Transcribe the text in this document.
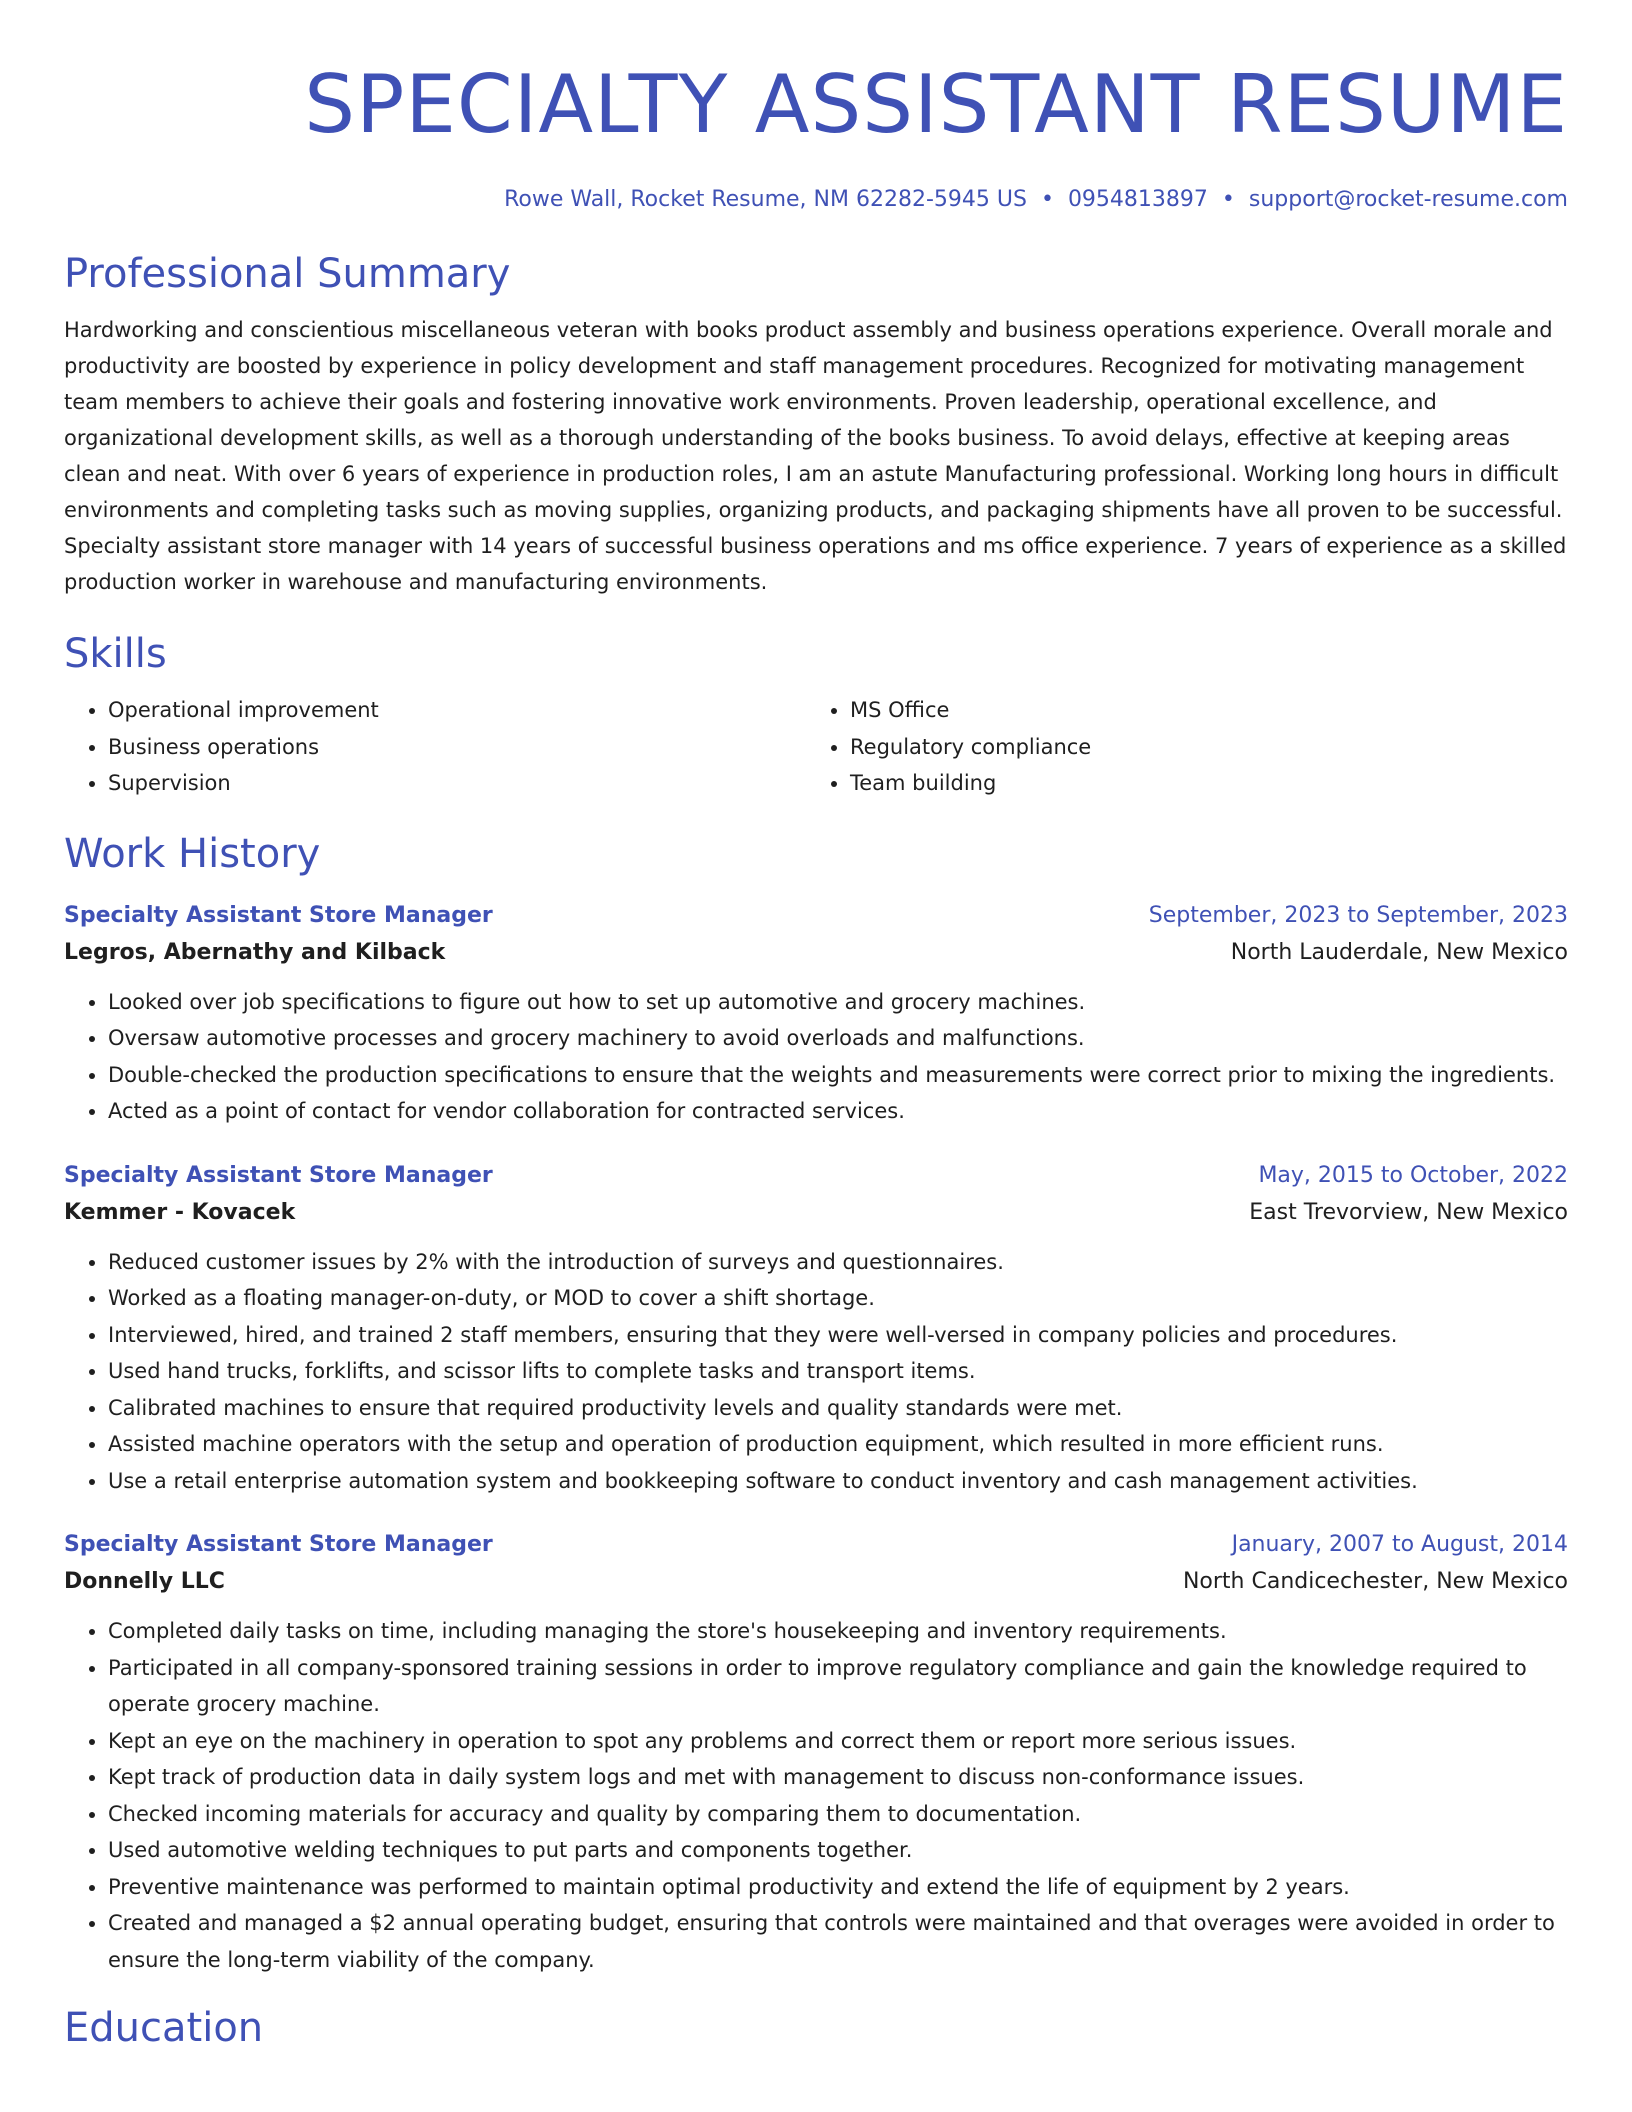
SPECIALTY ASSISTANT RESUME
Rowe Wall, Rocket Resume, NM 62282-5945 US • 0954813897 • support@rocket-resume.com
Professional Summary

Hardworking and conscientious miscellaneous veteran with books product assembly and business operations experience. Overall morale and productivity are boosted by experience in policy development and staff management procedures. Recognized for motivating management team members to achieve their goals and fostering innovative work environments. Proven leadership, operational excellence, and organizational development skills, as well as a thorough understanding of the books business. To avoid delays, effective at keeping areas clean and neat. With over 6 years of experience in production roles, I am an astute Manufacturing professional. Working long hours in difficult environments and completing tasks such as moving supplies, organizing products, and packaging shipments have all proven to be successful. Specialty assistant store manager with 14 years of successful business operations and ms office experience. 7 years of experience as a skilled production worker in warehouse and manufacturing environments.

Skills
• Operational improvement
• Business operations
• Supervision
• MS Office
• Regulatory compliance
• Team building
Work History
Specialty Assistant Store Manager	September, 2023 to September, 2023
Legros, Abernathy and Kilback	North Lauderdale, New Mexico
• Looked over job specifications to figure out how to set up automotive and grocery machines.
• Oversaw automotive processes and grocery machinery to avoid overloads and malfunctions.
• Double-checked the production specifications to ensure that the weights and measurements were correct prior to mixing the ingredients.
• Acted as a point of contact for vendor collaboration for contracted services.
Specialty Assistant Store Manager	May, 2015 to October, 2022
Kemmer - Kovacek	East Trevorview, New Mexico
• Reduced customer issues by 2% with the introduction of surveys and questionnaires.
• Worked as a floating manager-on-duty, or MOD to cover a shift shortage.
• Interviewed, hired, and trained 2 staff members, ensuring that they were well-versed in company policies and procedures.
• Used hand trucks, forklifts, and scissor lifts to complete tasks and transport items.
• Calibrated machines to ensure that required productivity levels and quality standards were met.
• Assisted machine operators with the setup and operation of production equipment, which resulted in more efficient runs.
• Use a retail enterprise automation system and bookkeeping software to conduct inventory and cash management activities.
Specialty Assistant Store Manager	January, 2007 to August, 2014
Donnelly LLC	North Candicechester, New Mexico
• Completed daily tasks on time, including managing the store's housekeeping and inventory requirements.
• Participated in all company-sponsored training sessions in order to improve regulatory compliance and gain the knowledge required to operate grocery machine.
• Kept an eye on the machinery in operation to spot any problems and correct them or report more serious issues.
• Kept track of production data in daily system logs and met with management to discuss non-conformance issues.
• Checked incoming materials for accuracy and quality by comparing them to documentation.
• Used automotive welding techniques to put parts and components together.
• Preventive maintenance was performed to maintain optimal productivity and extend the life of equipment by 2 years.
• Created and managed a $2 annual operating budget, ensuring that controls were maintained and that overages were avoided in order to ensure the long-term viability of the company.
Education
